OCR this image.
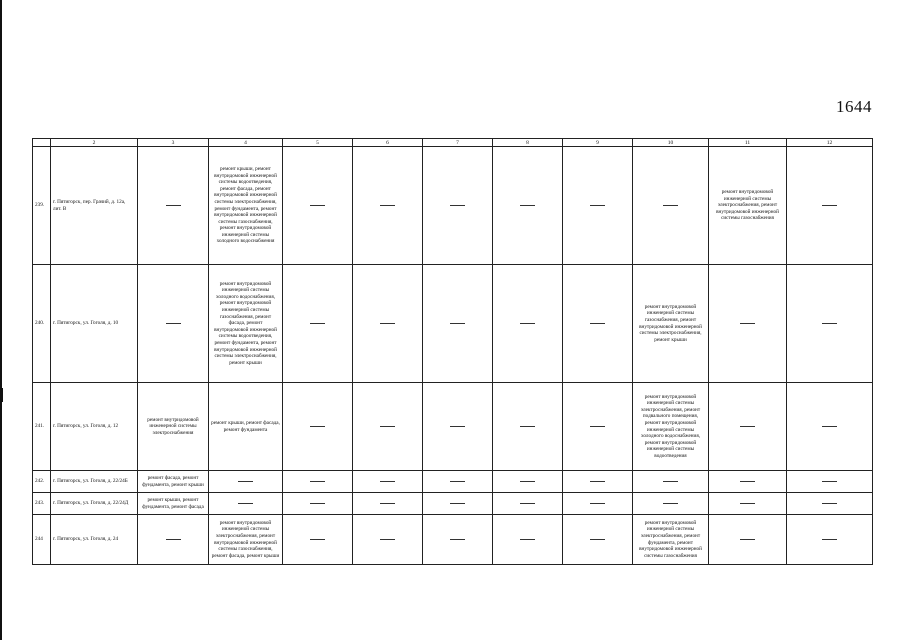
1644
	2	3	4	5	6	7	8	9	10	11	12
239.	г. Пятигорск, пер. Грачий, д. 12а, лит. В		ремонт крыши, ремонт внутридомовой инженерной системы водоотведения, ремонт фасада, ремонт внутридомовой инженерной системы электроснабжения, ремонт фундамента, ремонт внутридомовой инженерной системы газоснабжения, ремонт внутридомовой инженерной системы холодного водоснабжения							ремонт внутридомовой инженерной системы электроснабжения, ремонт внутридомовой инженерной системы газоснабжения	
240.	г. Пятигорск, ул. Гоголя, д. 10		ремонт внутридомовой инженерной системы холодного водоснабжения, ремонт внутридомовой инженерной системы газоснабжения, ремонт фасада, ремонт внутридомовой инженерной системы водоотведения, ремонт фундамента, ремонт внутридомовой инженерной системы электроснабжения, ремонт крыши						ремонт внутридомовой инженерной системы газоснабжения, ремонт внутридомовой инженерной системы электроснабжения, ремонт крыши		
241.	г. Пятигорск, ул. Гоголя, д. 12	ремонт внутридомовой инженерной системы электроснабжения	ремонт крыши, ремонт фасада, ремонт фундамента						ремонт внутридомовой инженерной системы электроснабжения, ремонт подвального помещения, ремонт внутридомовой инженерной системы холодного водоснабжения, ремонт внутридомовой инженерной системы водоотведения		
242.	г. Пятигорск, ул. Гоголя, д. 22/24Б	ремонт фасада, ремонт фундамента, ремонт крыши									
243.	г. Пятигорск, ул. Гоголя, д. 22/24Д	ремонт крыши, ремонт фундамента, ремонт фасада									
244	г. Пятигорск, ул. Гоголя, д. 24		ремонт внутридомовой инженерной системы электроснабжения, ремонт внутридомовой инженерной системы газоснабжения, ремонт фасада, ремонт крыши						ремонт внутридомовой инженерной системы электроснабжения, ремонт фундамента, ремонт внутридомовой инженерной системы газоснабжения		
